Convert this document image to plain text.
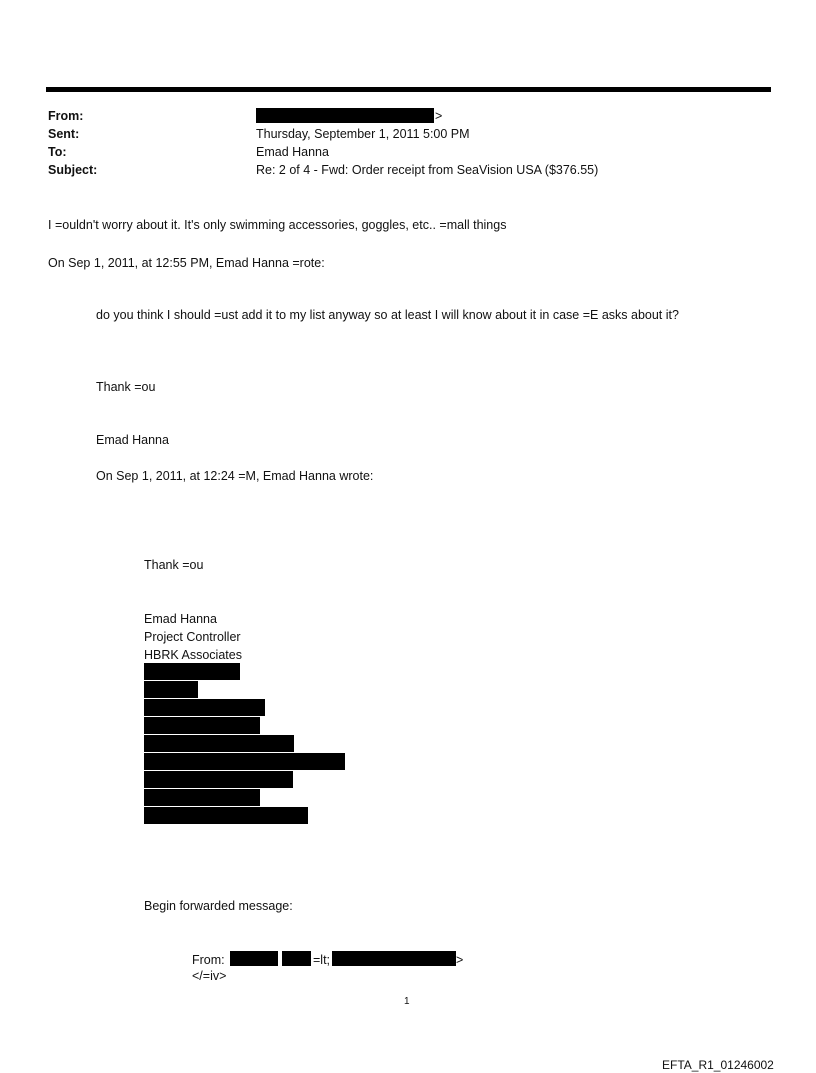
From:	>
Sent:	Thursday, September 1, 2011 5:00 PM
To:	Emad Hanna
Subject:	Re: 2 of 4 - Fwd: Order receipt from SeaVision USA ($376.55)
I =ouldn't worry about it. It's only swimming accessories, goggles, etc.. =mall things
On Sep 1, 2011, at 12:55 PM, Emad Hanna =rote:
do you think I should =ust add it to my list anyway so at least I will know about it in case =E asks about it?
Thank =ou
Emad Hanna
On Sep 1, 2011, at 12:24 =M, Emad Hanna wrote:
Thank =ou
Emad Hanna
Project Controller
HBRK Associates
Begin forwarded message:
From:	=lt;	>
</=iv>
1
EFTA_R1_01246002
